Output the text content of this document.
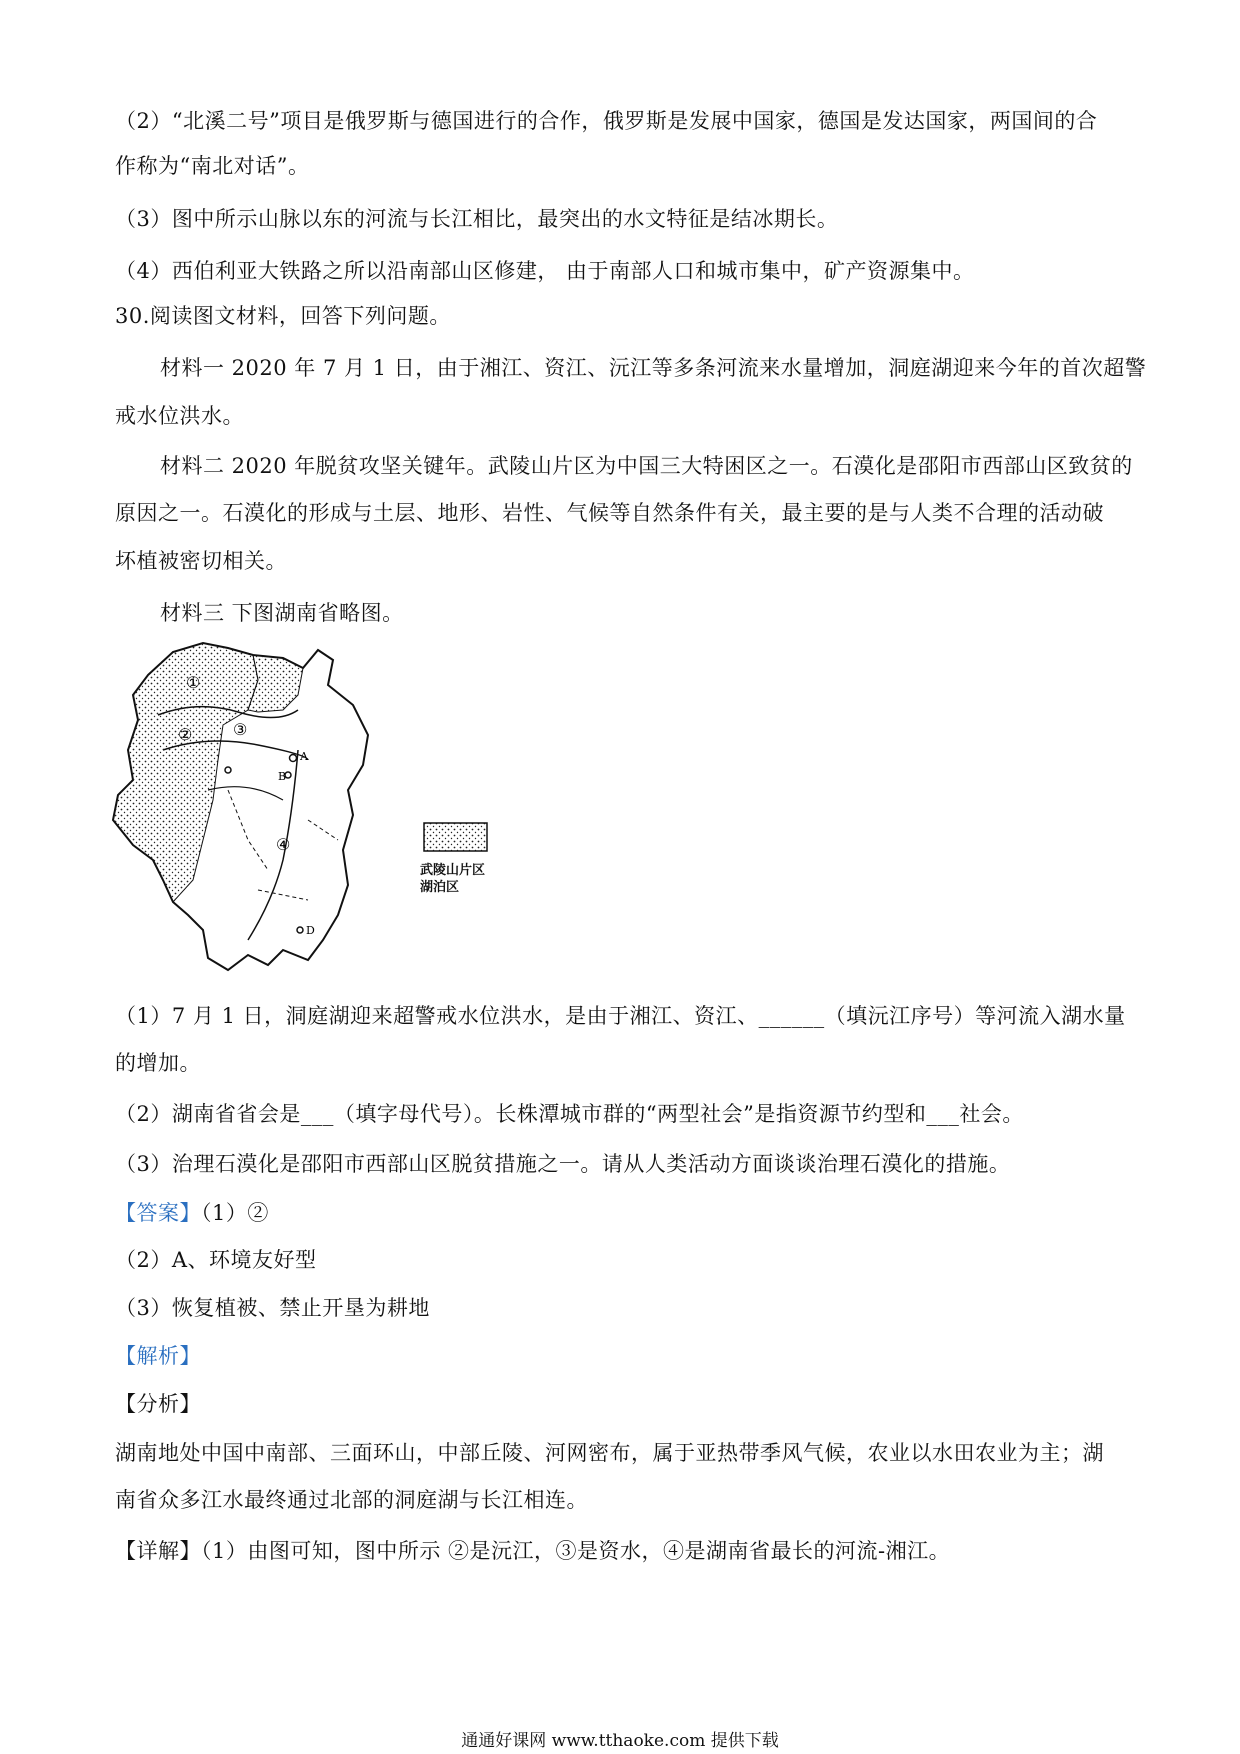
（2）“北溪二号”项目是俄罗斯与德国进行的合作，俄罗斯是发展中国家，德国是发达国家，两国间的合
作称为“南北对话”。
（3）图中所示山脉以东的河流与长江相比，最突出的水文特征是结冰期长。
（4）西伯利亚大铁路之所以沿南部山区修建， 由于南部人口和城市集中，矿产资源集中。
30.阅读图文材料，回答下列问题。
材料一 2020 年 7 月 1 日，由于湘江、资江、沅江等多条河流来水量增加，洞庭湖迎来今年的首次超警
戒水位洪水。
材料二 2020 年脱贫攻坚关键年。武陵山片区为中国三大特困区之一。石漠化是邵阳市西部山区致贫的
原因之一。石漠化的形成与土层、地形、岩性、气候等自然条件有关，最主要的是与人类不合理的活动破
坏植被密切相关。
材料三 下图湖南省略图。
①
②	③
④
A
B
D
武陵山片区
湖泊区
（1）7 月 1 日，洞庭湖迎来超警戒水位洪水，是由于湘江、资江、______（填沅江序号）等河流入湖水量
的增加。
（2）湖南省省会是___（填字母代号）。长株潭城市群的“两型社会”是指资源节约型和___社会。
（3）治理石漠化是邵阳市西部山区脱贫措施之一。请从人类活动方面谈谈治理石漠化的措施。
【答案】（1）②
（2）A、环境友好型
（3）恢复植被、禁止开垦为耕地
【解析】
【分析】
湖南地处中国中南部、三面环山，中部丘陵、河网密布，属于亚热带季风气候，农业以水田农业为主；湖
南省众多江水最终通过北部的洞庭湖与长江相连。
【详解】（1）由图可知，图中所示 ②是沅江，③是资水，④是湖南省最长的河流-湘江。
通通好课网 www.tthaoke.com 提供下载
